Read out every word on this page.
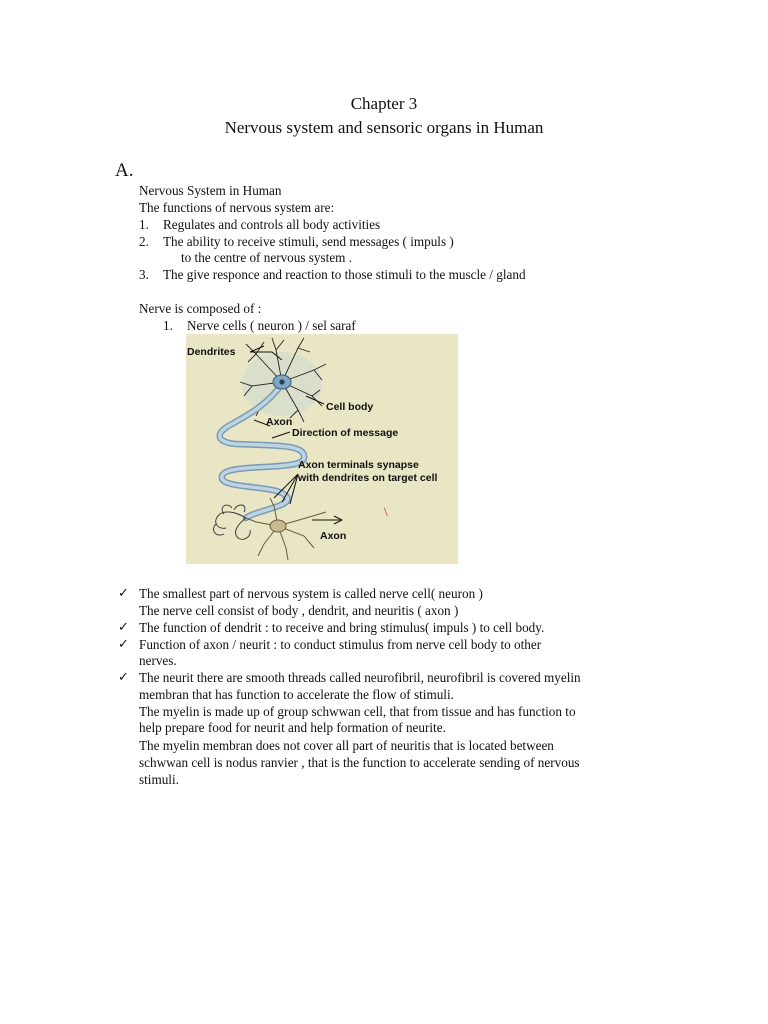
Chapter 3
Nervous system and sensoric organs in Human
A.
Nervous System in Human
The functions of nervous system are:
1. Regulates and controls all body activities
2. The ability to receive stimuli, send messages ( impuls )
to the centre of nervous system .
3. The give responce and reaction to those stimuli to the muscle / gland
Nerve is composed of :
1. Nerve cells ( neuron ) / sel saraf
Dendrites
Cell body
Axon
Direction of message
Axon terminals synapse
with dendrites on target cell
Axon
\
✓ The smallest part of nervous system is called nerve cell( neuron )
The nerve cell consist of body , dendrit, and neuritis ( axon )
✓ The function of dendrit : to receive and bring stimulus( impuls ) to cell body.
✓ Function of axon / neurit : to conduct stimulus from nerve cell body to other
nerves.
✓ The neurit there are smooth threads called neurofibril, neurofibril is covered myelin
membran that has function to accelerate the flow of stimuli.
The myelin is made up of group schwwan cell, that from tissue and has function to
help prepare food for neurit and help formation of neurite.
The myelin membran does not cover all part of neuritis that is located between
schwwan cell is nodus ranvier , that is the function to accelerate sending of nervous
stimuli.
